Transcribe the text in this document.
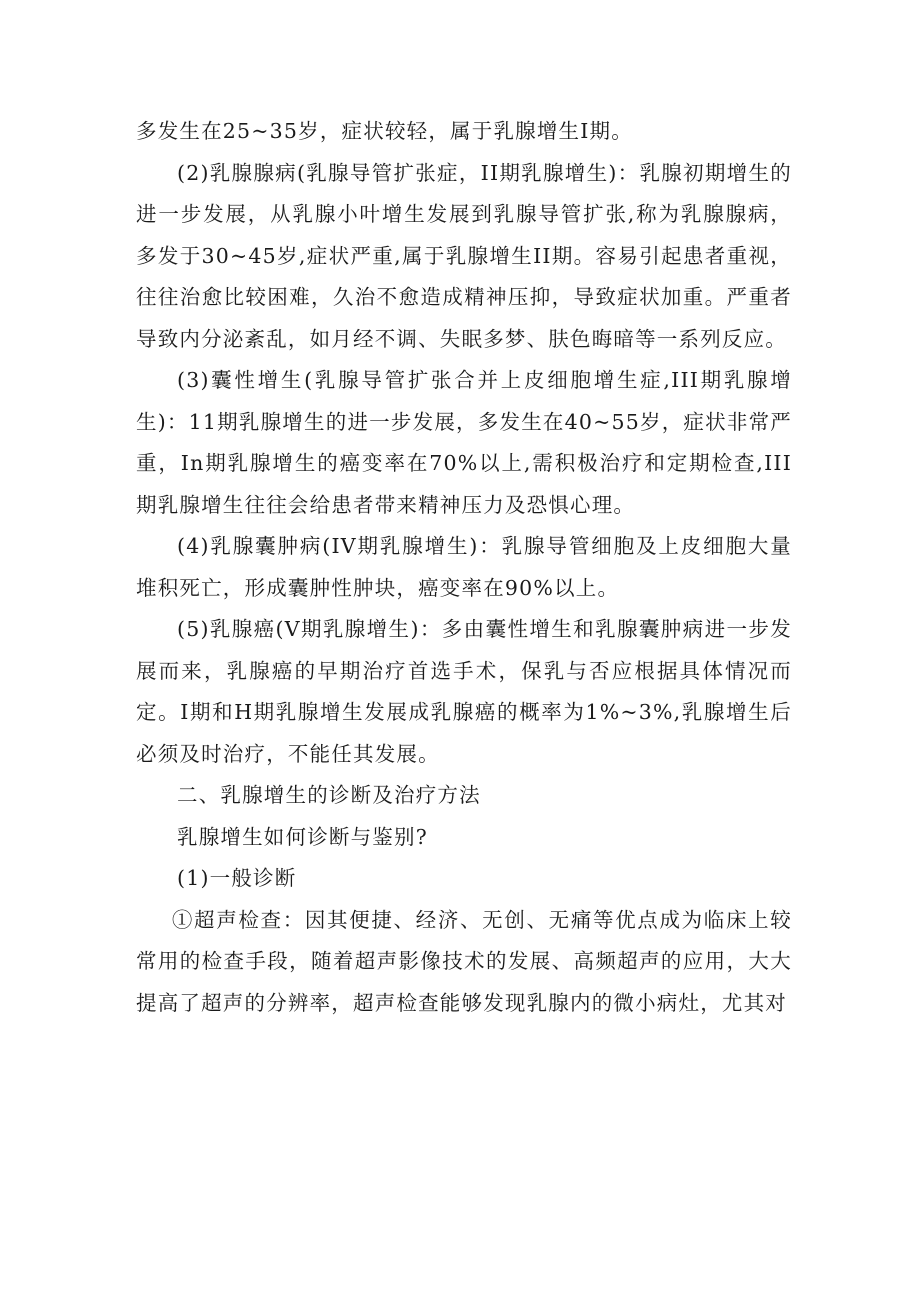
多发生在25~35岁，症状较轻，属于乳腺增生I期。

(2)乳腺腺病(乳腺导管扩张症，II期乳腺增生)：乳腺初期增生的进一步发展，从乳腺小叶增生发展到乳腺导管扩张,称为乳腺腺病，多发于30~45岁,症状严重,属于乳腺增生II期。容易引起患者重视，往往治愈比较困难，久治不愈造成精神压抑，导致症状加重。严重者导致内分泌紊乱，如月经不调、失眠多梦、肤色晦暗等一系列反应。

(3)囊性增生(乳腺导管扩张合并上皮细胞增生症,III期乳腺增生)：11期乳腺增生的进一步发展，多发生在40~55岁，症状非常严重，In期乳腺增生的癌变率在70%以上,需积极治疗和定期检查,III期乳腺增生往往会给患者带来精神压力及恐惧心理。

(4)乳腺囊肿病(IV期乳腺增生)：乳腺导管细胞及上皮细胞大量堆积死亡，形成囊肿性肿块，癌变率在90%以上。

(5)乳腺癌(V期乳腺增生)：多由囊性增生和乳腺囊肿病进一步发展而来，乳腺癌的早期治疗首选手术，保乳与否应根据具体情况而定。I期和H期乳腺增生发展成乳腺癌的概率为1%~3%,乳腺增生后必须及时治疗，不能任其发展。

二、乳腺增生的诊断及治疗方法

乳腺增生如何诊断与鉴别?

(1)一般诊断

①超声检查：因其便捷、经济、无创、无痛等优点成为临床上较常用的检查手段，随着超声影像技术的发展、高频超声的应用，大大提高了超声的分辨率，超声检查能够发现乳腺内的微小病灶，尤其对
